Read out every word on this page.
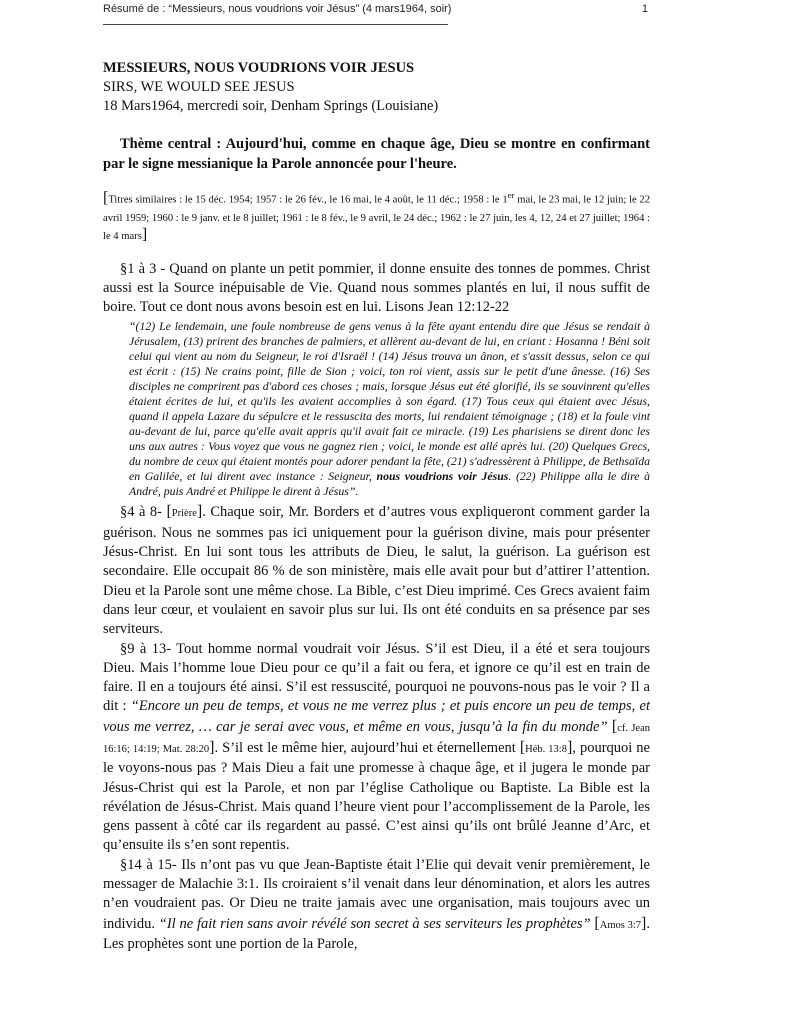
Résumé de : “Messieurs, nous voudrions voir Jésus” (4 mars1964, soir)	1
MESSIEURS, NOUS VOUDRIONS VOIR JESUS
SIRS, WE WOULD SEE JESUS
18 Mars1964, mercredi soir, Denham Springs (Louisiane)
Thème central : Aujourd'hui, comme en chaque âge, Dieu se montre en confirmant par le signe messianique la Parole annoncée pour l'heure.
[Titres similaires : le 15 déc. 1954; 1957 : le 26 fév., le 16 mai, le 4 août, le 11 déc.; 1958 : le 1er mai, le 23 mai, le 12 juin; le 22 avril 1959; 1960 : le 9 janv. et le 8 juillet; 1961 : le 8 fév., le 9 avril, le 24 déc.; 1962 : le 27 juin, les 4, 12, 24 et 27 juillet; 1964 : le 4 mars]

§1 à 3 - Quand on plante un petit pommier, il donne ensuite des tonnes de pommes. Christ aussi est la Source inépuisable de Vie. Quand nous sommes plantés en lui, il nous suffit de boire. Tout ce dont nous avons besoin est en lui. Lisons Jean 12:12-22

“(12) Le lendemain, une foule nombreuse de gens venus à la fête ayant entendu dire que Jésus se rendait à Jérusalem, (13) prirent des branches de palmiers, et allèrent au-devant de lui, en criant : Hosanna ! Béni soit celui qui vient au nom du Seigneur, le roi d'Israël ! (14) Jésus trouva un ânon, et s'assit dessus, selon ce qui est écrit : (15) Ne crains point, fille de Sion ; voici, ton roi vient, assis sur le petit d'une ânesse. (16) Ses disciples ne comprirent pas d'abord ces choses ; mais, lorsque Jésus eut été glorifié, ils se souvinrent qu'elles étaient écrites de lui, et qu'ils les avaient accomplies à son égard. (17) Tous ceux qui étaient avec Jésus, quand il appela Lazare du sépulcre et le ressuscita des morts, lui rendaient témoignage ; (18) et la foule vint au-devant de lui, parce qu'elle avait appris qu'il avait fait ce miracle. (19) Les pharisiens se dirent donc les uns aux autres : Vous voyez que vous ne gagnez rien ; voici, le monde est allé après lui. (20) Quelques Grecs, du nombre de ceux qui étaient montés pour adorer pendant la fête, (21) s'adressèrent à Philippe, de Bethsaïda en Galilée, et lui dirent avec instance : Seigneur, nous voudrions voir Jésus. (22) Philippe alla le dire à André, puis André et Philippe le dirent à Jésus”.

§4 à 8- [Prière]. Chaque soir, Mr. Borders et d’autres vous expliqueront comment garder la guérison. Nous ne sommes pas ici uniquement pour la guérison divine, mais pour présenter Jésus-Christ. En lui sont tous les attributs de Dieu, le salut, la guérison. La guérison est secondaire. Elle occupait 86 % de son ministère, mais elle avait pour but d’attirer l’attention. Dieu et la Parole sont une même chose. La Bible, c’est Dieu imprimé. Ces Grecs avaient faim dans leur cœur, et voulaient en savoir plus sur lui. Ils ont été conduits en sa présence par ses serviteurs.

§9 à 13- Tout homme normal voudrait voir Jésus. S’il est Dieu, il a été et sera toujours Dieu. Mais l’homme loue Dieu pour ce qu’il a fait ou fera, et ignore ce qu’il est en train de faire. Il en a toujours été ainsi. S’il est ressuscité, pourquoi ne pouvons-nous pas le voir ? Il a dit : “Encore un peu de temps, et vous ne me verrez plus ; et puis encore un peu de temps, et vous me verrez, … car je serai avec vous, et même en vous, jusqu’à la fin du monde” [cf. Jean 16:16; 14:19; Mat. 28:20]. S’il est le même hier, aujourd’hui et éternellement [Héb. 13:8], pourquoi ne le voyons-nous pas ? Mais Dieu a fait une promesse à chaque âge, et il jugera le monde par Jésus-Christ qui est la Parole, et non par l’église Catholique ou Baptiste. La Bible est la révélation de Jésus-Christ. Mais quand l’heure vient pour l’accomplissement de la Parole, les gens passent à côté car ils regardent au passé. C’est ainsi qu’ils ont brûlé Jeanne d’Arc, et qu’ensuite ils s’en sont repentis.

§14 à 15- Ils n’ont pas vu que Jean-Baptiste était l’Elie qui devait venir premièrement, le messager de Malachie 3:1. Ils croiraient s’il venait dans leur dénomination, et alors les autres n’en voudraient pas. Or Dieu ne traite jamais avec une organisation, mais toujours avec un individu. “Il ne fait rien sans avoir révélé son secret à ses serviteurs les prophètes” [Amos 3:7]. Les prophètes sont une portion de la Parole,
